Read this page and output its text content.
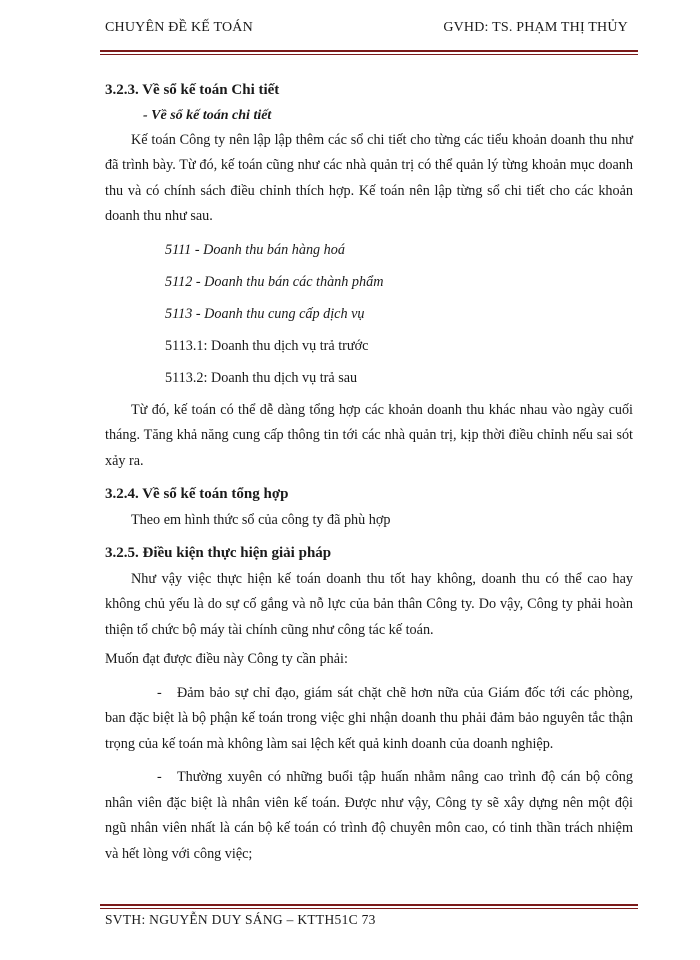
CHUYÊN ĐỀ KẾ TOÁN	GVHD: TS. PHẠM THỊ THỦY
3.2.3. Về sổ kế toán Chi tiết
- Về sổ kế toán chi tiết

Kế toán Công ty nên lập lập thêm các sổ chi tiết cho từng các tiểu khoản doanh thu như đã trình bày. Từ đó, kế toán cũng như các nhà quản trị có thể quản lý từng khoản mục doanh thu và có chính sách điều chỉnh thích hợp. Kế toán nên lập từng sổ chi tiết cho các khoản doanh thu như sau.

5111 - Doanh thu bán hàng hoá
5112 - Doanh thu bán các thành phẩm
5113 - Doanh thu cung cấp dịch vụ
5113.1: Doanh thu dịch vụ trả trước
5113.2: Doanh thu dịch vụ trả sau

Từ đó, kế toán có thể dễ dàng tổng hợp các khoản doanh thu khác nhau vào ngày cuối tháng. Tăng khả năng cung cấp thông tin tới các nhà quản trị, kịp thời điều chỉnh nếu sai sót xảy ra.

3.2.4. Về sổ kế toán tổng hợp

Theo em hình thức sổ của công ty đã phù hợp

3.2.5. Điều kiện thực hiện giải pháp

Như vậy việc thực hiện kế toán doanh thu tốt hay không, doanh thu có thể cao hay không chủ yếu là do sự cố gắng và nỗ lực của bản thân Công ty. Do vậy, Công ty phải hoàn thiện tổ chức bộ máy tài chính cũng như công tác kế toán.

Muốn đạt được điều này Công ty cần phải:

- Đảm bảo sự chỉ đạo, giám sát chặt chẽ hơn nữa của Giám đốc tới các phòng, ban đặc biệt là bộ phận kế toán trong việc ghi nhận doanh thu phải đảm bảo nguyên tắc thận trọng của kế toán mà không làm sai lệch kết quả kinh doanh của doanh nghiệp.

- Thường xuyên có những buổi tập huấn nhằm nâng cao trình độ cán bộ công nhân viên đặc biệt là nhân viên kế toán. Được như vậy, Công ty sẽ xây dựng nên một đội ngũ nhân viên nhất là cán bộ kế toán có trình độ chuyên môn cao, có tinh thần trách nhiệm và hết lòng với công việc;

SVTH: NGUYỄN DUY SÁNG – KTTH51C 73
